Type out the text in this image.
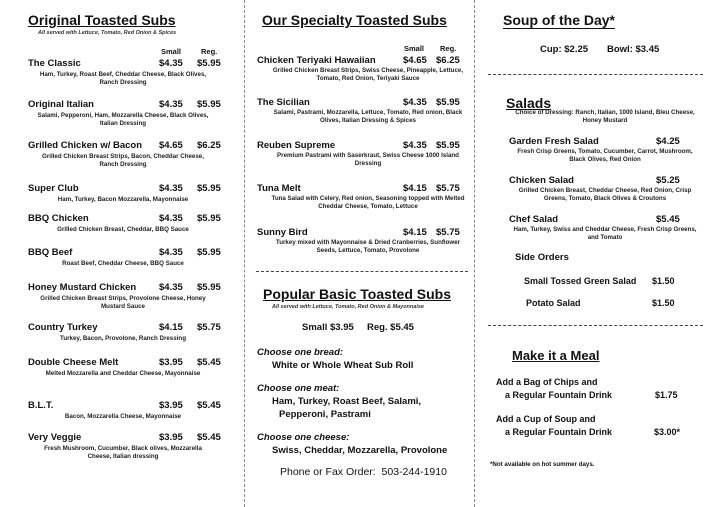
Original Toasted Subs
All served with Lettuce, Tomato, Red Onion & Spices
Small	Reg.
The Classic	$4.35 $5.95
Ham, Turkey, Roast Beef, Cheddar Cheese, Black Olives, Ranch Dressing
Original Italian	$4.35 $5.95
Salami, Pepperoni, Ham, Mozzarella Cheese, Black Olives, Italian Dressing
Grilled Chicken w/ Bacon $4.65 $6.25
Grilled Chicken Breast Strips, Bacon, Cheddar Cheese, Ranch Dressing
Super Club	$4.35 $5.95
Ham, Turkey, Bacon Mozzarella, Mayonnaise
BBQ Chicken	$4.35 $5.95
Grilled Chicken Breast, Cheddar, BBQ Sauce
BBQ Beef	$4.35 $5.95
Roast Beef, Cheddar Cheese, BBQ Sauce
Honey Mustard Chicken $4.35 $5.95
Grilled Chicken Breast Strips, Provolone Cheese, Honey Mustard Sauce
Country Turkey	$4.15 $5.75
Turkey, Bacon, Provolone, Ranch Dressing
Double Cheese Melt	$3.95 $5.45
Melted Mozzarella and Cheddar Cheese, Mayonnaise
B.L.T.	$3.95 $5.45
Bacon, Mozzarella Cheese, Mayonnaise
Very Veggie	$3.95 $5.45
Fresh Mushroom, Cucumber, Black olives, Mozzarella Cheese, Italian dressing
Our Specialty Toasted Subs
Small Reg.
Chicken Teriyaki Hawaiian	$4.65 $6.25
Grilled Chicken Breast Strips, Swiss Cheese, Pineapple, Lettuce, Tomato, Red Onion, Teriyaki Sauce
The Sicilian	$4.35 $5.95
Salami, Pastrami, Mozzarella, Lettuce, Tomato, Red onion, Black Olives, Italian Dressing & Spices
Reuben Supreme	$4.35 $5.95
Premium Pastrami with Saserkraut, Swiss Cheese 1000 Island Dressing
Tuna Melt	$4.15 $5.75
Tuna Salad with Celery, Red onion, Seasoning topped with Melted Cheddar Cheese, Tomato, Lettuce
Sunny Bird	$4.15 $5.75
Turkey mixed with Mayonnaise & Dried Cranberries, Sunflower Seeds, Lettuce, Tomato, Provolone
Popular Basic Toasted Subs
All served with Lettuce, Tomato, Red Onion & Mayonnaise
Small $3.95     Reg. $5.45
Choose one bread:
White or Whole Wheat Sub Roll
Choose one meat:
Ham, Turkey, Roast Beef, Salami,
Pepperoni, Pastrami
Choose one cheese:
Swiss, Cheddar, Mozzarella, Provolone
Phone or Fax Order:  503-244-1910
Soup of the Day*
Cup: $2.25 Bowl: $3.45
Salads
Choice of Dressing: Ranch, Italian, 1000 Island, Bleu Cheese, Honey Mustard
Garden Fresh Salad	$4.25
Fresh Crisp Greens, Tomato, Cucumber, Carrot, Mushroom, Black Olives, Red Onion
Chicken Salad	$5.25
Grilled Chicken Breast, Cheddar Cheese, Red Onion, Crisp Greens, Tomato, Black Olives & Croutons
Chef Salad	$5.45
Ham, Turkey, Swiss and Cheddar Cheese, Fresh Crisp Greens, and Tomato
Side Orders
Small Tossed Green Salad $1.50
Potato Salad	$1.50
Make it a Meal
Add a Bag of Chips and
a Regular Fountain Drink	$1.75
Add a Cup of Soup and
a Regular Fountain Drink	$3.00*
*Not available on hot summer days.
